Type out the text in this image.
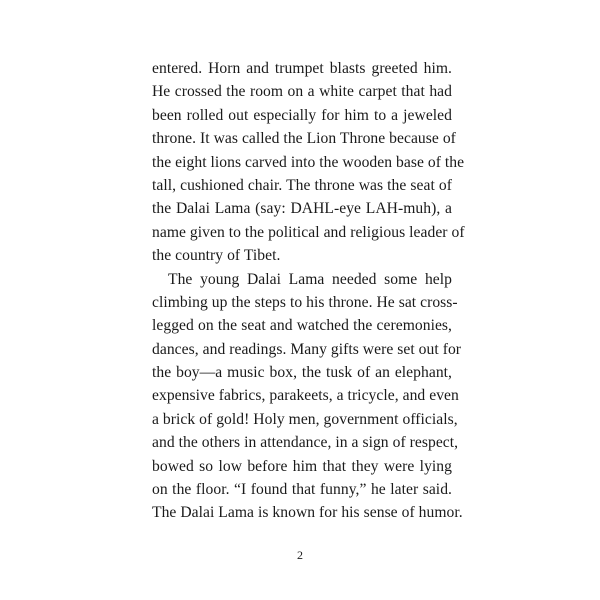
entered. Horn and trumpet blasts greeted him.
He crossed the room on a white carpet that had
been rolled out especially for him to a jeweled
throne. It was called the Lion Throne because of
the eight lions carved into the wooden base of the
tall, cushioned chair. The throne was the seat of
the Dalai Lama (say: DAHL-eye LAH-muh), a
name given to the political and religious leader of
the country of Tibet.
The young Dalai Lama needed some help
climbing up the steps to his throne. He sat cross-
legged on the seat and watched the ceremonies,
dances, and readings. Many gifts were set out for
the boy—a music box, the tusk of an elephant,
expensive fabrics, parakeets, a tricycle, and even
a brick of gold! Holy men, government officials,
and the others in attendance, in a sign of respect,
bowed so low before him that they were lying
on the floor. “I found that funny,” he later said.
The Dalai Lama is known for his sense of humor.
2
